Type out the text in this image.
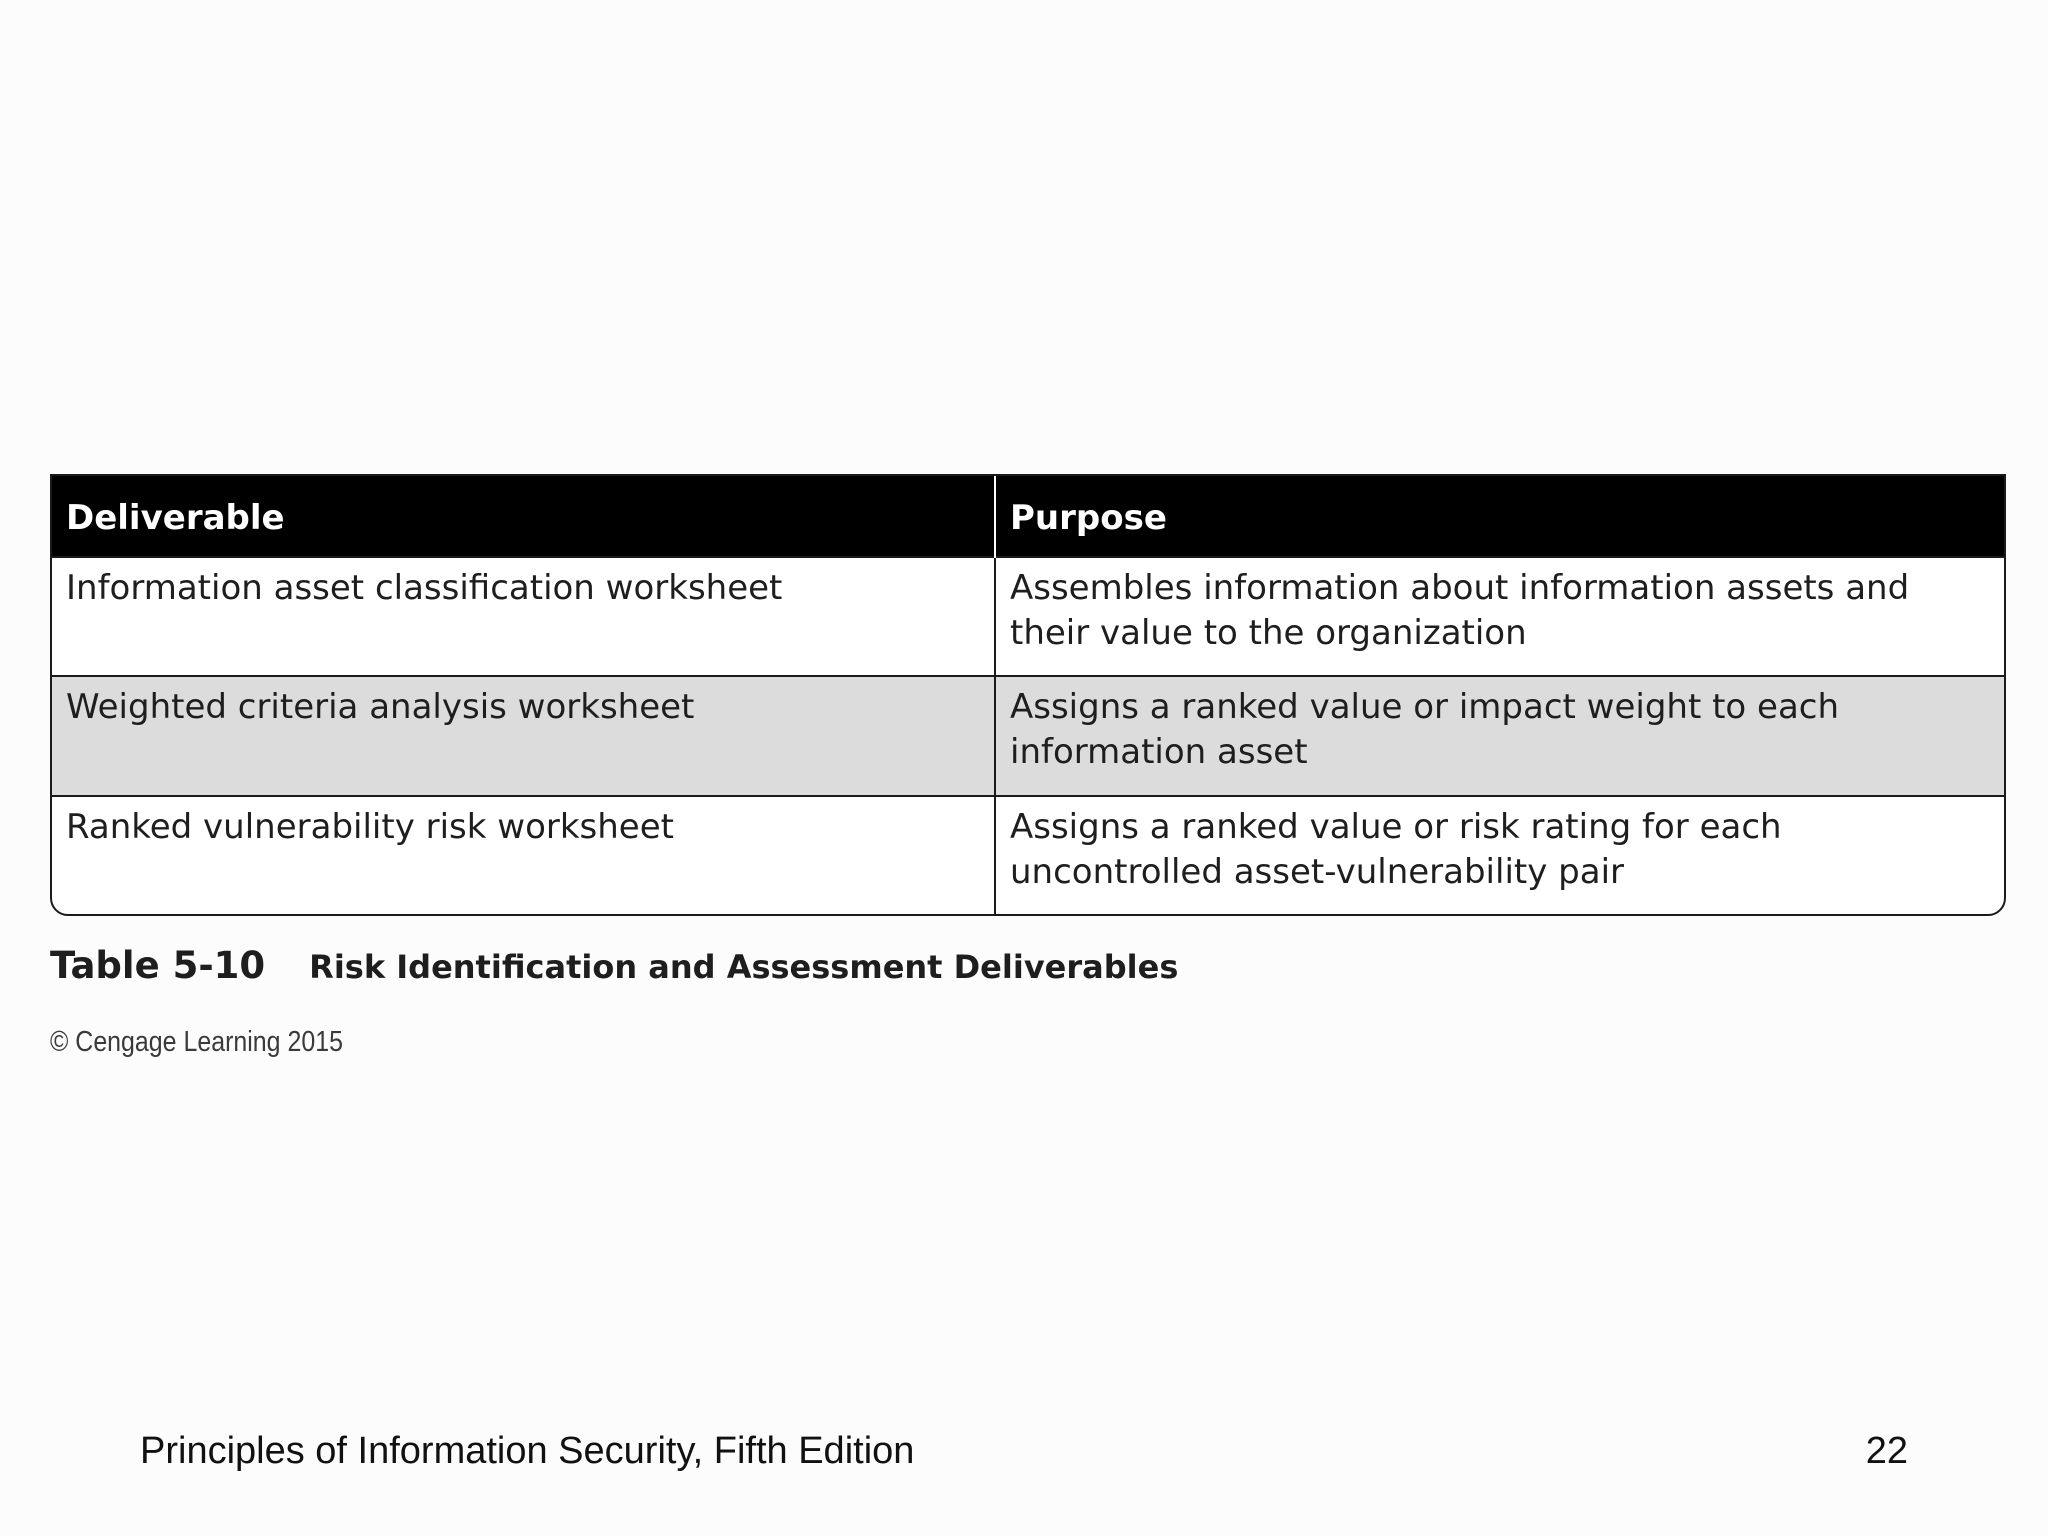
Deliverable	Purpose
Information asset classification worksheet	Assembles information about information assets and their value to the organization
Weighted criteria analysis worksheet	Assigns a ranked value or impact weight to each information asset
Ranked vulnerability risk worksheet	Assigns a ranked value or risk rating for each uncontrolled asset-vulnerability pair
Table 5-10 Risk Identification and Assessment Deliverables
© Cengage Learning 2015
Principles of Information Security, Fifth Edition	22
